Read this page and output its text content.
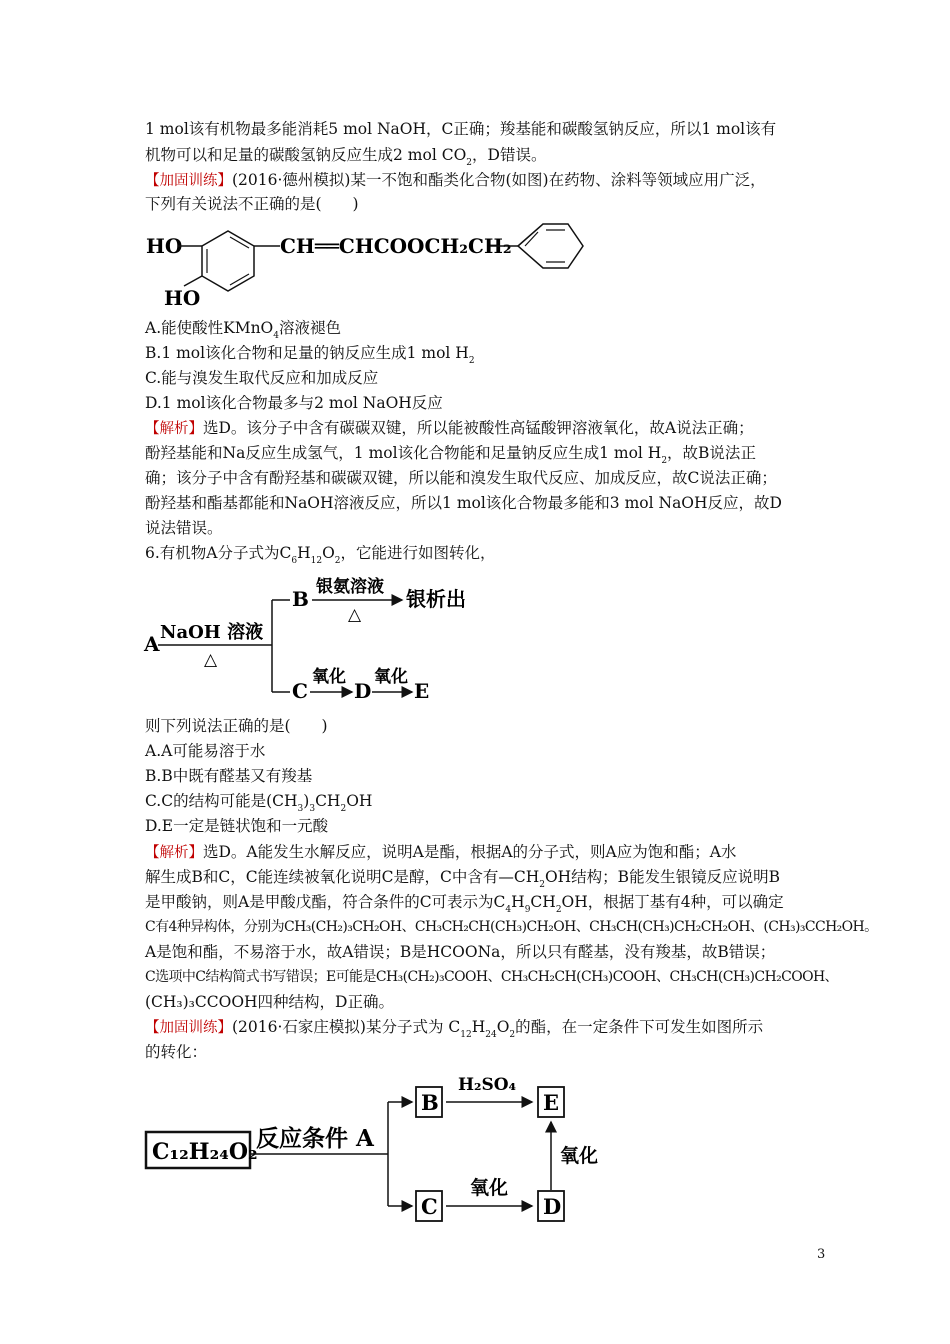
1 mol该有机物最多能消耗5 mol NaOH，C正确；羧基能和碳酸氢钠反应，所以1 mol该有
机物可以和足量的碳酸氢钠反应生成2 mol $CO_2$，D错误。
【加固训练】(2016·德州模拟)某一不饱和酯类化合物(如图)在药物、涂料等领域应用广泛，
下列有关说法不正确的是(　　)
HO
HO
CH══CHCOOCH₂CH₂
A.能使酸性KMnO$_4$溶液褪色
B.1 mol该化合物和足量的钠反应生成1 mol $H_2$
C.能与溴发生取代反应和加成反应
D.1 mol该化合物最多与2 mol NaOH反应
【解析】选D。该分子中含有碳碳双键，所以能被酸性高锰酸钾溶液氧化，故A说法正确；
酚羟基能和Na反应生成氢气，1 mol该化合物能和足量钠反应生成1 mol $H_2$，故B说法正
确；该分子中含有酚羟基和碳碳双键，所以能和溴发生取代反应、加成反应，故C说法正确；
酚羟基和酯基都能和NaOH溶液反应，所以1 mol该化合物最多能和3 mol NaOH反应，故D
说法错误。
6.有机物A分子式为$C_6H_{12}O_2$，它能进行如图转化，
A NaOH 溶液
△
B 银氨溶液
△
银析出
C
氧化
D
氧化
E
则下列说法正确的是(　　)
A.A可能易溶于水
B.B中既有醛基又有羧基
C.C的结构可能是$(CH_3)_3CH_2OH$
D.E一定是链状饱和一元酸
【解析】选D。A能发生水解反应，说明A是酯，根据A的分子式，则A应为饱和酯；A水
解生成B和C，C能连续被氧化说明C是醇，C中含有$—CH_2OH$结构；B能发生银镜反应说明B
是甲酸钠，则A是甲酸戊酯，符合条件的C可表示为$C_4H_9CH_2OH$，根据丁基有4种，可以确定
C有4种异构体，分别为CH₃(CH₂)₃CH₂OH、CH₃CH₂CH(CH₃)CH₂OH、CH₃CH(CH₃)CH₂CH₂OH、(CH₃)₃CCH₂OH。
A是饱和酯，不易溶于水，故A错误；B是HCOONa，所以只有醛基，没有羧基，故B错误；
C选项中C结构简式书写错误；E可能是CH₃(CH₂)₃COOH、CH₃CH₂CH(CH₃)COOH、CH₃CH(CH₃)CH₂COOH、
(CH₃)₃CCOOH四种结构，D正确。
【加固训练】(2016·石家庄模拟)某分子式为 $C_{12}H_{24}O_2$的酯，在一定条件下可发生如图所示
的转化：
C₁₂H₂₄O₂
反应条件 A
B
H₂SO₄
E
C
氧化
D
氧化
3
